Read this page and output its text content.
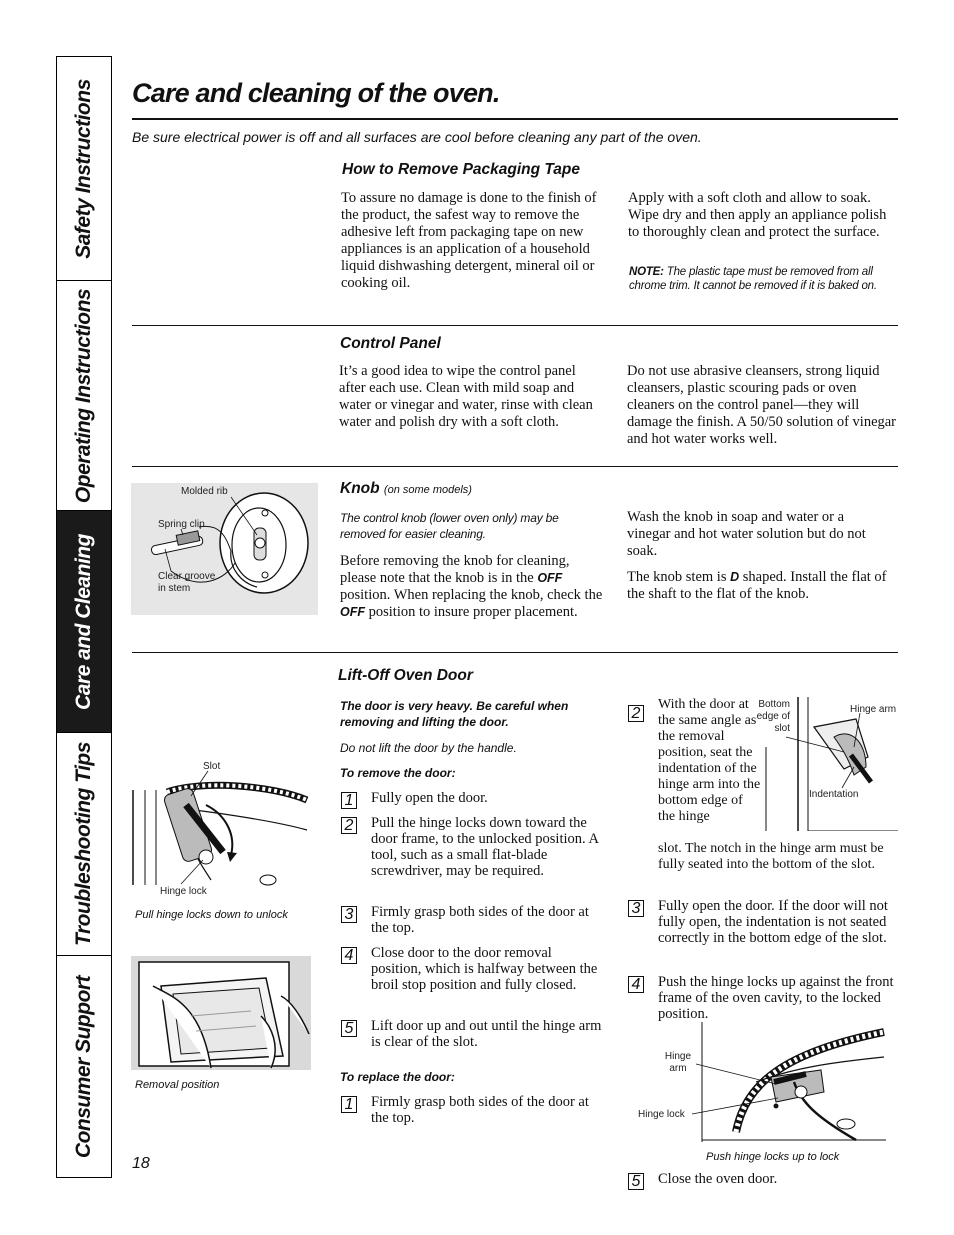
Safety Instructions
Operating Instructions
Care and Cleaning
Troubleshooting Tips
Consumer Support
Care and cleaning of the oven.
Be sure electrical power is off and all surfaces are cool before cleaning any part of the oven.
How to Remove Packaging Tape
To assure no damage is done to the finish of the product, the safest way to remove the adhesive left from packaging tape on new appliances is an application of a household liquid dishwashing detergent, mineral oil or cooking oil.
Apply with a soft cloth and allow to soak. Wipe dry and then apply an appliance polish to thoroughly clean and protect the surface.
NOTE: The plastic tape must be removed from all chrome trim. It cannot be removed if it is baked on.
Control Panel
It’s a good idea to wipe the control panel after each use. Clean with mild soap and water or vinegar and water, rinse with clean water and polish dry with a soft cloth.
Do not use abrasive cleansers, strong liquid cleansers, plastic scouring pads or oven cleaners on the control panel—they will damage the finish. A 50/50 solution of vinegar and hot water works well.
Molded rib
Spring clip
Clear groove in stem
Knob (on some models)
The control knob (lower oven only) may be removed for easier cleaning.
Before removing the knob for cleaning, please note that the knob is in the OFF position. When replacing the knob, check the OFF position to insure proper placement.
Wash the knob in soap and water or a vinegar and hot water solution but do not soak.
The knob stem is D shaped. Install the flat of the shaft to the flat of the knob.
Lift-Off Oven Door
The door is very heavy. Be careful when removing and lifting the door.
Do not lift the door by the handle.
To remove the door:
1 Fully open the door.
2 Pull the hinge locks down toward the door frame, to the unlocked position. A tool, such as a small flat-blade screwdriver, may be required.
3 Firmly grasp both sides of the door at the top.
4 Close door to the door removal position, which is halfway between the broil stop position and fully closed.
5 Lift door up and out until the hinge arm is clear of the slot.
To replace the door:
1 Firmly grasp both sides of the door at the top.
2
With the door at the same angle as the removal position, seat the indentation of the hinge arm into the bottom edge of the hinge
slot. The notch in the hinge arm must be fully seated into the bottom of the slot.
3 Fully open the door. If the door will not fully open, the indentation is not seated correctly in the bottom edge of the slot.
4 Push the hinge locks up against the front frame of the oven cavity, to the locked position.
5 Close the oven door.
Slot
Hinge lock
Pull hinge locks down to unlock
Removal position
Bottom edge of slot
Hinge arm
Indentation
Hinge arm
Hinge lock
Push hinge locks up to lock
18
